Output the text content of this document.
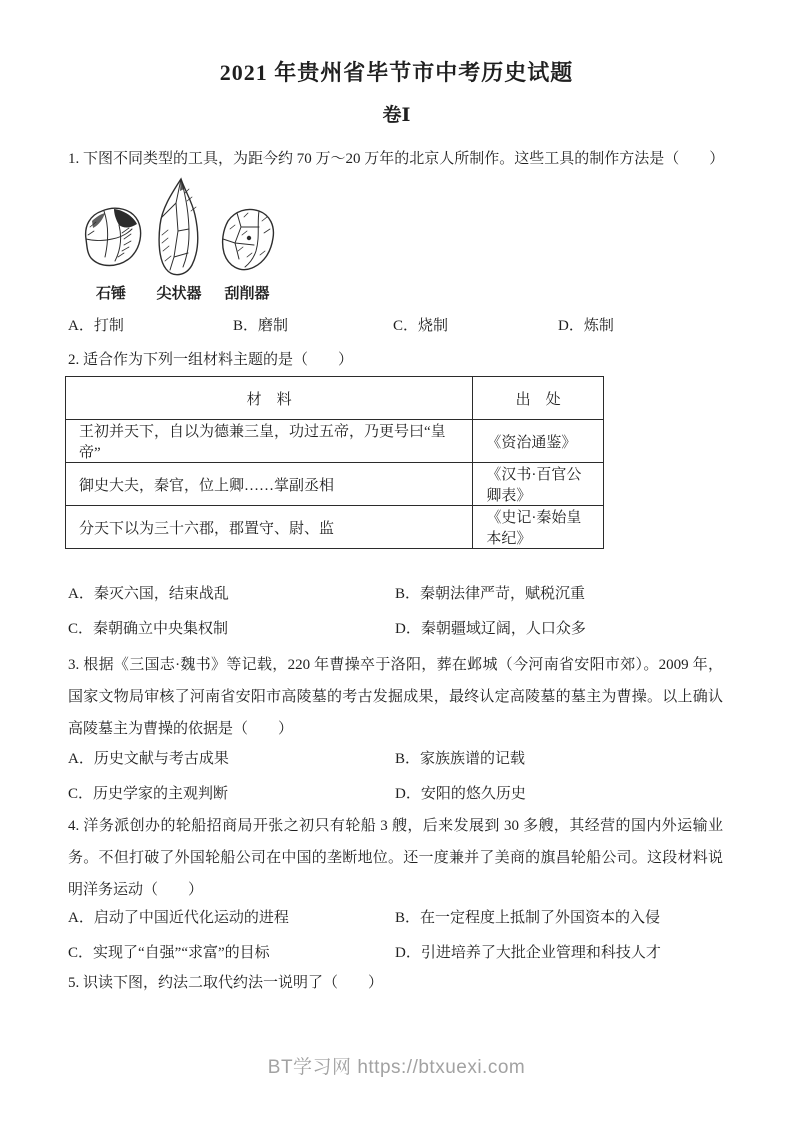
2021 年贵州省毕节市中考历史试题
卷Ⅰ

1. 下图不同类型的工具，为距今约 70 万～20 万年的北京人所制作。这些工具的制作方法是（　　）

石锤 尖状器 刮削器
A．打制	B．磨制	C．烧制	D．炼制

2. 适合作为下列一组材料主题的是（　　）

材　料	出　处
王初并天下，自以为德兼三皇，功过五帝，乃更号曰“皇帝”	《资治通鉴》
御史大夫，秦官，位上卿……掌副丞相	《汉书·百官公卿表》
分天下以为三十六郡，郡置守、尉、监	《史记·秦始皇本纪》
A．秦灭六国，结束战乱	B．秦朝法律严苛，赋税沉重
C．秦朝确立中央集权制	D．秦朝疆域辽阔，人口众多

3. 根据《三国志·魏书》等记载，220 年曹操卒于洛阳，葬在邺城（今河南省安阳市郊）。2009 年，国家文物局审核了河南省安阳市高陵墓的考古发掘成果，最终认定高陵墓的墓主为曹操。以上确认高陵墓主为曹操的依据是（　　）

A．历史文献与考古成果	B．家族族谱的记载
C．历史学家的主观判断	D．安阳的悠久历史

4. 洋务派创办的轮船招商局开张之初只有轮船 3 艘，后来发展到 30 多艘，其经营的国内外运输业务。不但打破了外国轮船公司在中国的垄断地位。还一度兼并了美商的旗昌轮船公司。这段材料说明洋务运动（　　）

A．启动了中国近代化运动的进程	B．在一定程度上抵制了外国资本的入侵
C．实现了“自强”“求富”的目标	D．引进培养了大批企业管理和科技人才

5. 识读下图，约法二取代约法一说明了（　　）

BT学习网 https://btxuexi.com
